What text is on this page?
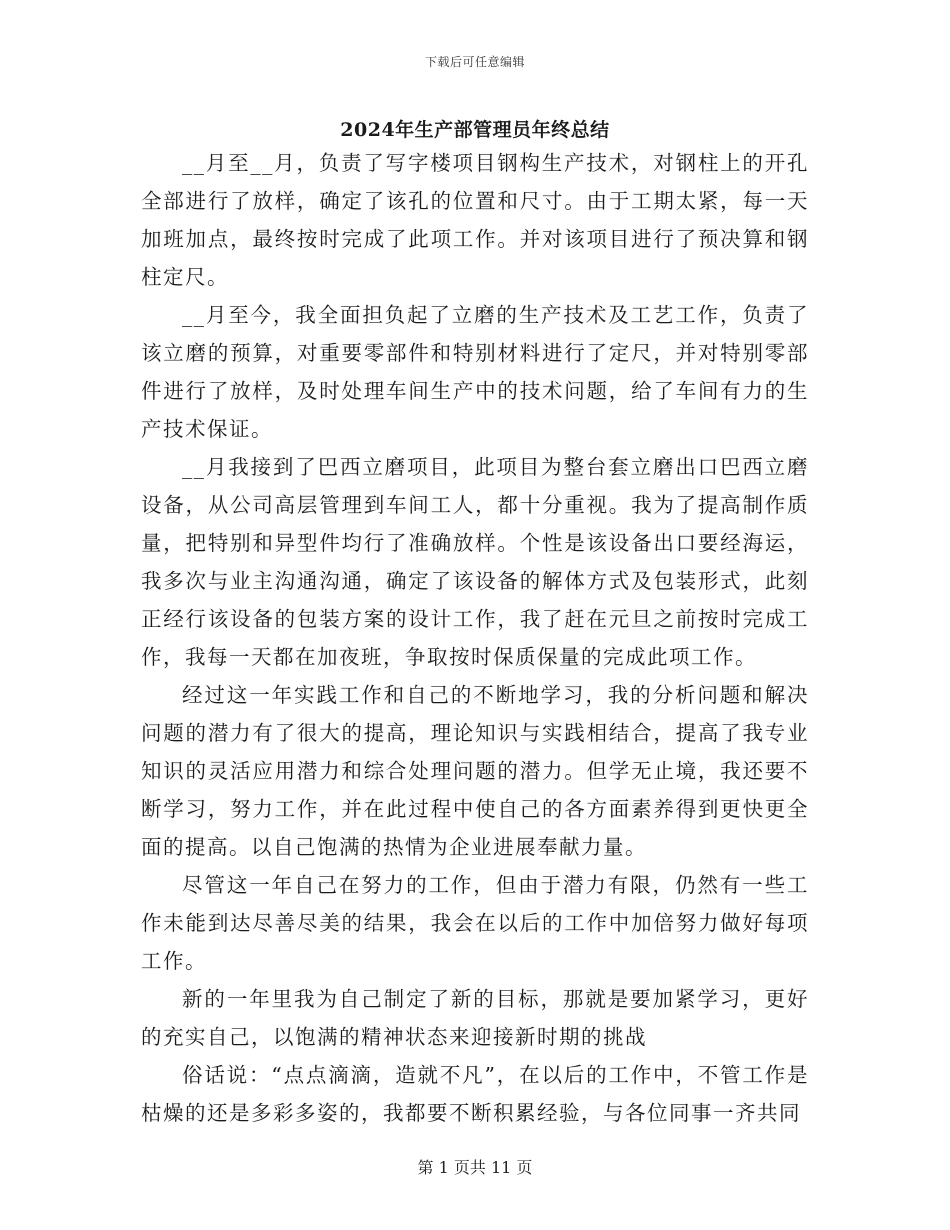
下载后可任意编辑
2024年生产部管理员年终总结

__月至__月，负责了写字楼项目钢构生产技术，对钢柱上的开孔全部进行了放样，确定了该孔的位置和尺寸。由于工期太紧，每一天加班加点，最终按时完成了此项工作。并对该项目进行了预决算和钢柱定尺。

__月至今，我全面担负起了立磨的生产技术及工艺工作，负责了该立磨的预算，对重要零部件和特别材料进行了定尺，并对特别零部件进行了放样，及时处理车间生产中的技术问题，给了车间有力的生产技术保证。

__月我接到了巴西立磨项目，此项目为整台套立磨出口巴西立磨设备，从公司高层管理到车间工人，都十分重视。我为了提高制作质量，把特别和异型件均行了准确放样。个性是该设备出口要经海运，我多次与业主沟通沟通，确定了该设备的解体方式及包装形式，此刻正经行该设备的包装方案的设计工作，我了赶在元旦之前按时完成工作，我每一天都在加夜班，争取按时保质保量的完成此项工作。

经过这一年实践工作和自己的不断地学习，我的分析问题和解决问题的潜力有了很大的提高，理论知识与实践相结合，提高了我专业知识的灵活应用潜力和综合处理问题的潜力。但学无止境，我还要不断学习，努力工作，并在此过程中使自己的各方面素养得到更快更全面的提高。以自己饱满的热情为企业进展奉献力量。

尽管这一年自己在努力的工作，但由于潜力有限，仍然有一些工作未能到达尽善尽美的结果，我会在以后的工作中加倍努力做好每项工作。

新的一年里我为自己制定了新的目标，那就是要加紧学习，更好的充实自己，以饱满的精神状态来迎接新时期的挑战

俗话说：“点点滴滴，造就不凡”，在以后的工作中，不管工作是枯燥的还是多彩多姿的，我都要不断积累经验，与各位同事一齐共同

第 1 页共 11 页
